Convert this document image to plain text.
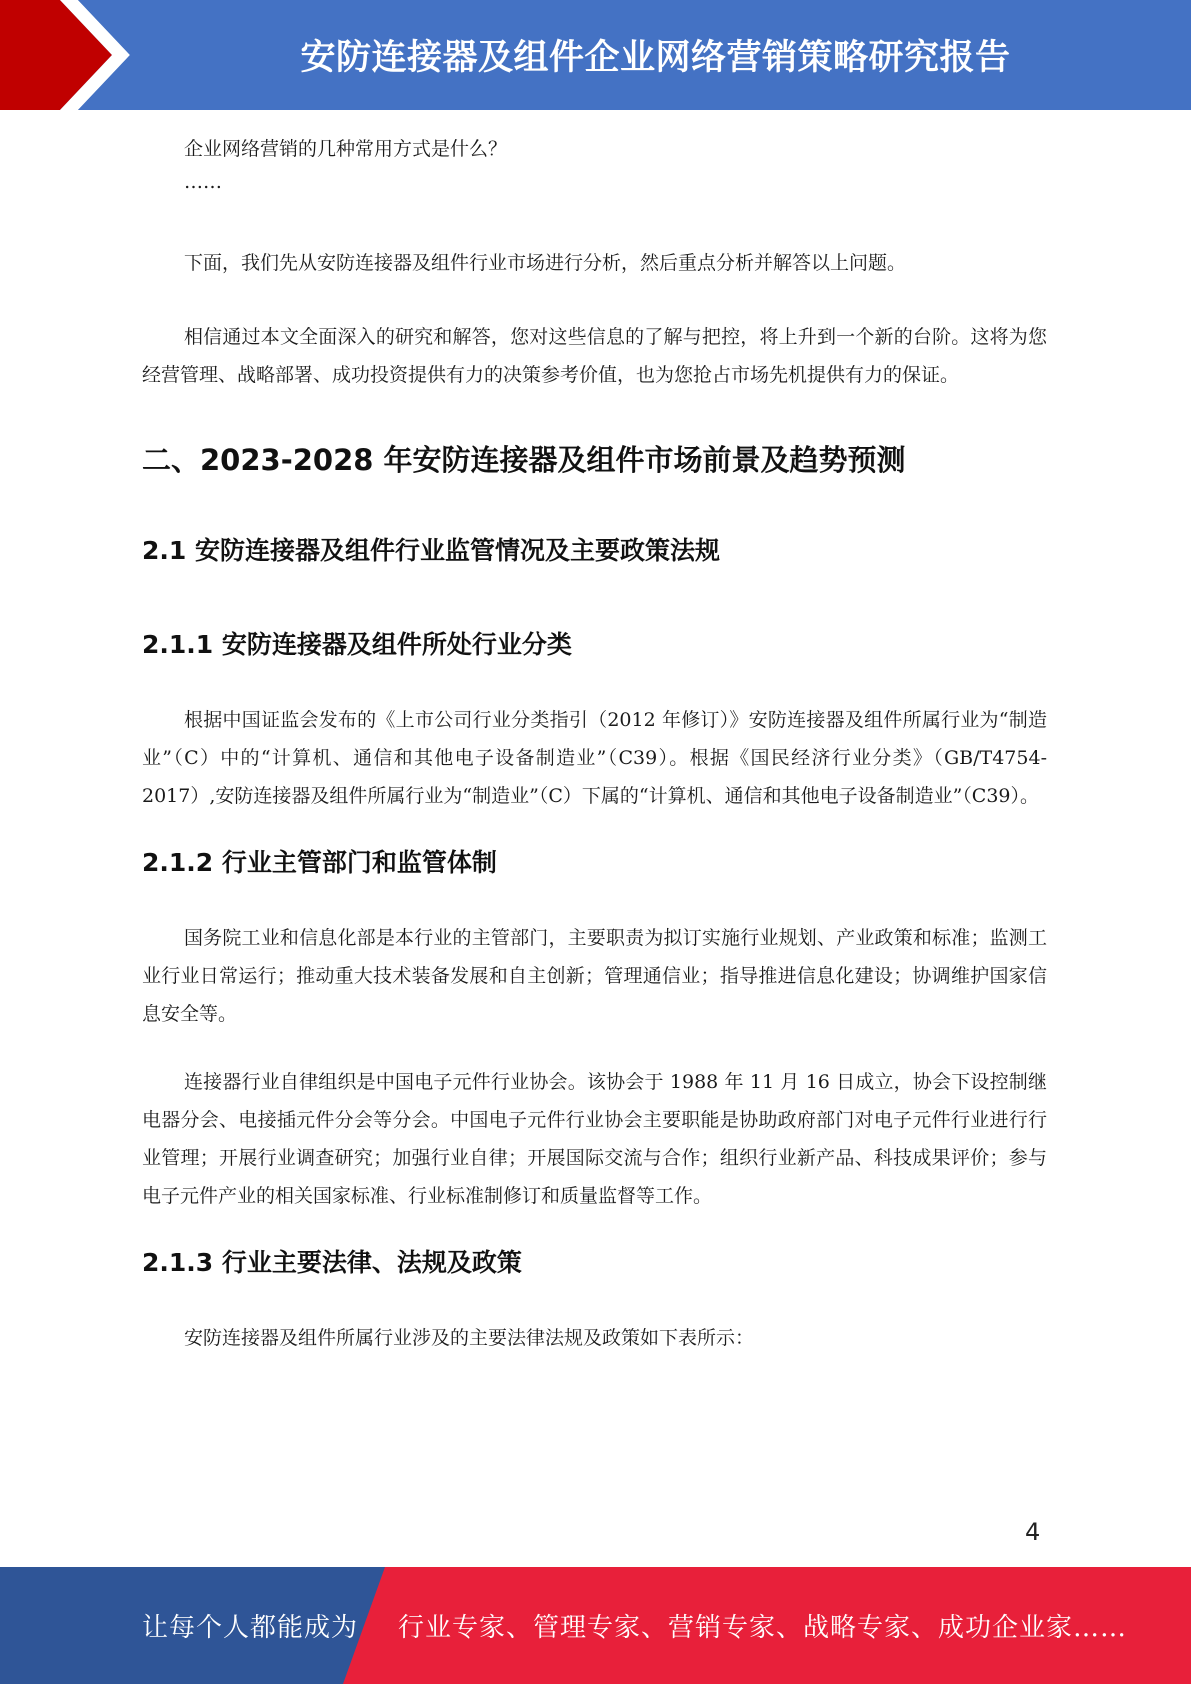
安防连接器及组件企业网络营销策略研究报告

企业网络营销的几种常用方式是什么？

……

下面，我们先从安防连接器及组件行业市场进行分析，然后重点分析并解答以上问题。

相信通过本文全面深入的研究和解答，您对这些信息的了解与把控，将上升到一个新的台阶。这将为您经营管理、战略部署、成功投资提供有力的决策参考价值，也为您抢占市场先机提供有力的保证。

二、2023-2028 年安防连接器及组件市场前景及趋势预测
2.1 安防连接器及组件行业监管情况及主要政策法规
2.1.1 安防连接器及组件所处行业分类

根据中国证监会发布的《上市公司行业分类指引（2012 年修订）》安防连接器及组件所属行业为“制造业”（C）中的“计算机、通信和其他电子设备制造业”（C39）。根据《国民经济行业分类》（GB/T4754-2017）,安防连接器及组件所属行业为“制造业”（C）下属的“计算机、通信和其他电子设备制造业”（C39）。

2.1.2 行业主管部门和监管体制

国务院工业和信息化部是本行业的主管部门，主要职责为拟订实施行业规划、产业政策和标准；监测工业行业日常运行；推动重大技术装备发展和自主创新；管理通信业；指导推进信息化建设；协调维护国家信息安全等。

连接器行业自律组织是中国电子元件行业协会。该协会于 1988 年 11 月 16 日成立，协会下设控制继电器分会、电接插元件分会等分会。中国电子元件行业协会主要职能是协助政府部门对电子元件行业进行行业管理；开展行业调查研究；加强行业自律；开展国际交流与合作；组织行业新产品、科技成果评价；参与电子元件产业的相关国家标准、行业标准制修订和质量监督等工作。

2.1.3 行业主要法律、法规及政策

安防连接器及组件所属行业涉及的主要法律法规及政策如下表所示：

4
让每个人都能成为 行业专家、管理专家、营销专家、战略专家、成功企业家……
